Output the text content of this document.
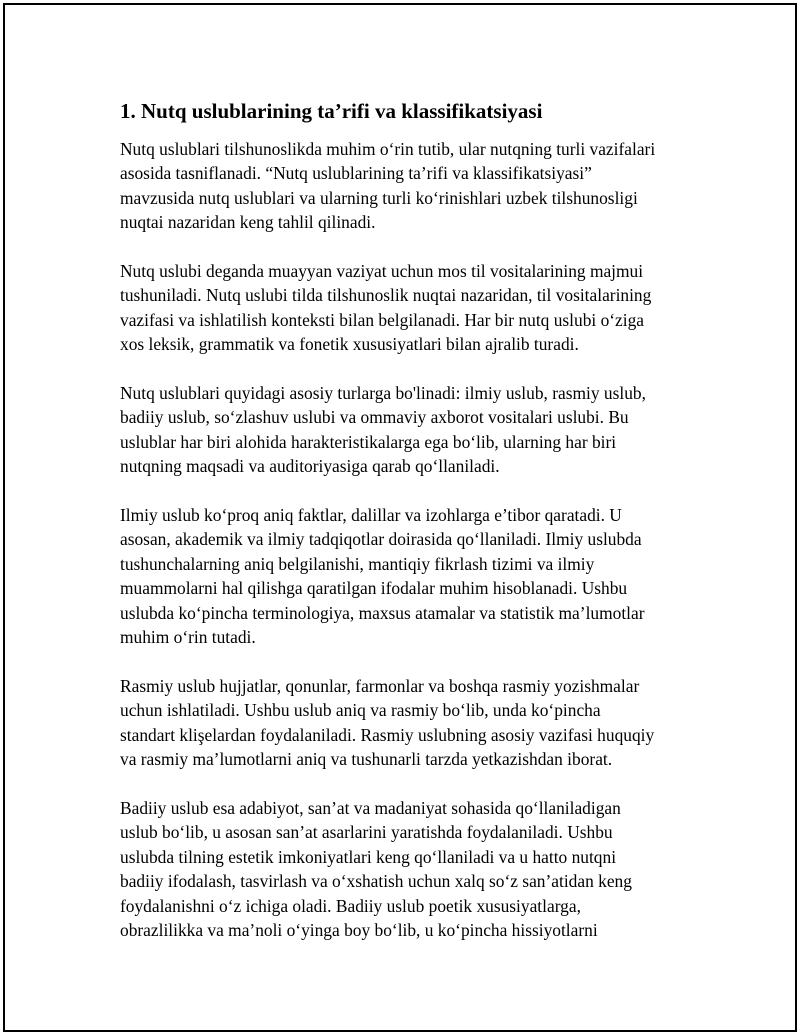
1. Nutq uslublarining ta’rifi va klassifikatsiyasi

Nutq uslublari tilshunoslikda muhim o‘rin tutib, ular nutqning turli vazifalari
asosida tasniflanadi. “Nutq uslublarining ta’rifi va klassifikatsiyasi”
mavzusida nutq uslublari va ularning turli ko‘rinishlari uzbek tilshunosligi
nuqtai nazaridan keng tahlil qilinadi.

Nutq uslubi deganda muayyan vaziyat uchun mos til vositalarining majmui
tushuniladi. Nutq uslubi tilda tilshunoslik nuqtai nazaridan, til vositalarining
vazifasi va ishlatilish konteksti bilan belgilanadi. Har bir nutq uslubi o‘ziga
xos leksik, grammatik va fonetik xususiyatlari bilan ajralib turadi.

Nutq uslublari quyidagi asosiy turlarga bo'linadi: ilmiy uslub, rasmiy uslub,
badiiy uslub, so‘zlashuv uslubi va ommaviy axborot vositalari uslubi. Bu
uslublar har biri alohida harakteristikalarga ega bo‘lib, ularning har biri
nutqning maqsadi va auditoriyasiga qarab qo‘llaniladi.

Ilmiy uslub ko‘proq aniq faktlar, dalillar va izohlarga e’tibor qaratadi. U
asosan, akademik va ilmiy tadqiqotlar doirasida qo‘llaniladi. Ilmiy uslubda
tushunchalarning aniq belgilanishi, mantiqiy fikrlash tizimi va ilmiy
muammolarni hal qilishga qaratilgan ifodalar muhim hisoblanadi. Ushbu
uslubda ko‘pincha terminologiya, maxsus atamalar va statistik ma’lumotlar
muhim o‘rin tutadi.

Rasmiy uslub hujjatlar, qonunlar, farmonlar va boshqa rasmiy yozishmalar
uchun ishlatiladi. Ushbu uslub aniq va rasmiy bo‘lib, unda ko‘pincha
standart klişelardan foydalaniladi. Rasmiy uslubning asosiy vazifasi huquqiy
va rasmiy ma’lumotlarni aniq va tushunarli tarzda yetkazishdan iborat.

Badiiy uslub esa adabiyot, san’at va madaniyat sohasida qo‘llaniladigan
uslub bo‘lib, u asosan san’at asarlarini yaratishda foydalaniladi. Ushbu
uslubda tilning estetik imkoniyatlari keng qo‘llaniladi va u hatto nutqni
badiiy ifodalash, tasvirlash va o‘xshatish uchun xalq so‘z san’atidan keng
foydalanishni o‘z ichiga oladi. Badiiy uslub poetik xususiyatlarga,
obrazlilikka va ma’noli o‘yinga boy bo‘lib, u ko‘pincha hissiyotlarni
